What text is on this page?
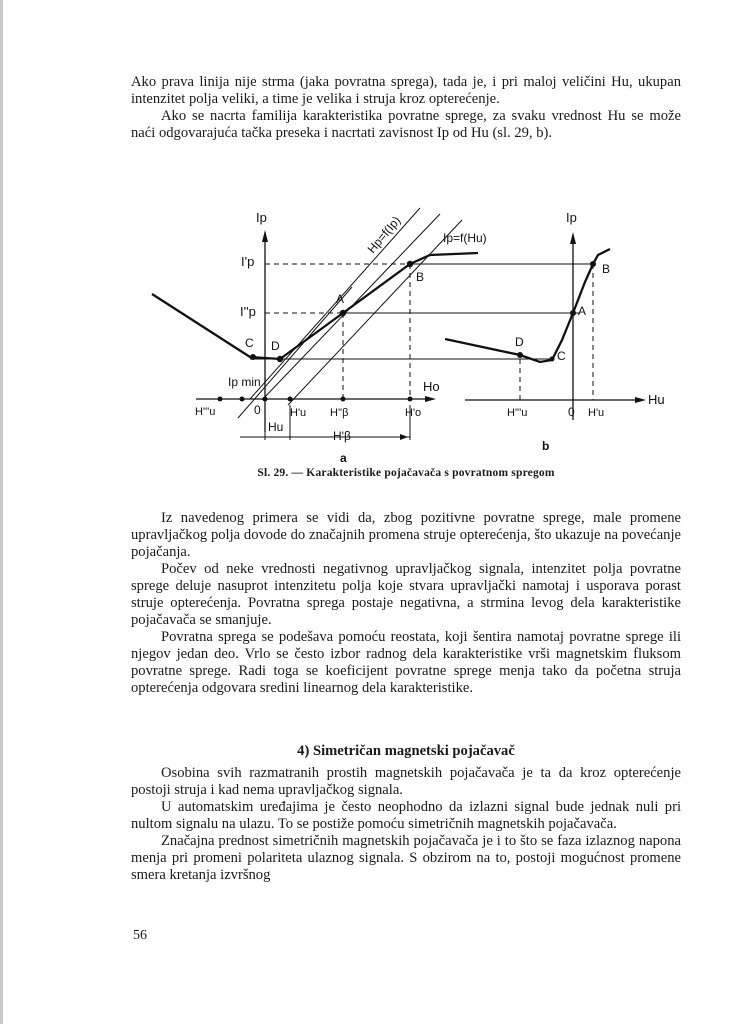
Ako prava linija nije strma (jaka povratna sprega), tada je, i pri maloj veličini Hu, ukupan intenzitet polja veliki, a time je velika i struja kroz opterećenje.

Ako se nacrta familija karakteristika povratne sprege, za svaku vrednost Hu se može naći odgovarajuća tačka preseka i nacrtati zavisnost Ip od Hu (sl. 29, b).

Ip
I'p
I''p
Ip min	Ho
Hp=f(Ip)	Ip=f(Hu)
A
B
C D
H'''u	0	H'u H''β	H'o
Hu
H'β
a
Ip
Hu
A
B
C
D
H'''u	0 H'u
b
Sl. 29. — Karakteristike pojačavača s povratnom spregom

Iz navedenog primera se vidi da, zbog pozitivne povratne sprege, male promene upravljačkog polja dovode do značajnih promena struje opterećenja, što ukazuje na povećanje pojačanja.

Počev od neke vrednosti negativnog upravljačkog signala, intenzitet polja povratne sprege deluje nasuprot intenzitetu polja koje stvara upravljački namotaj i usporava porast struje opterećenja. Povratna sprega postaje negativna, a strmina levog dela karakteristike pojačavača se smanjuje.

Povratna sprega se podešava pomoću reostata, koji šentira namotaj povratne sprege ili njegov jedan deo. Vrlo se često izbor radnog dela karakteristike vrši magnetskim fluksom povratne sprege. Radi toga se koeficijent povratne sprege menja tako da početna struja opterećenja odgovara sredini linearnog dela karakteristike.

4) Simetričan magnetski pojačavač

Osobina svih razmatranih prostih magnetskih pojačavača je ta da kroz opterećenje postoji struja i kad nema upravljačkog signala.

U automatskim uređajima je često neophodno da izlazni signal bude jednak nuli pri nultom signalu na ulazu. To se postiže pomoću simetričnih magnetskih pojačavača.

Značajna prednost simetričnih magnetskih pojačavača je i to što se faza izlaznog napona menja pri promeni polariteta ulaznog signala. S obzirom na to, postoji mogućnost promene smera kretanja izvršnog

56
